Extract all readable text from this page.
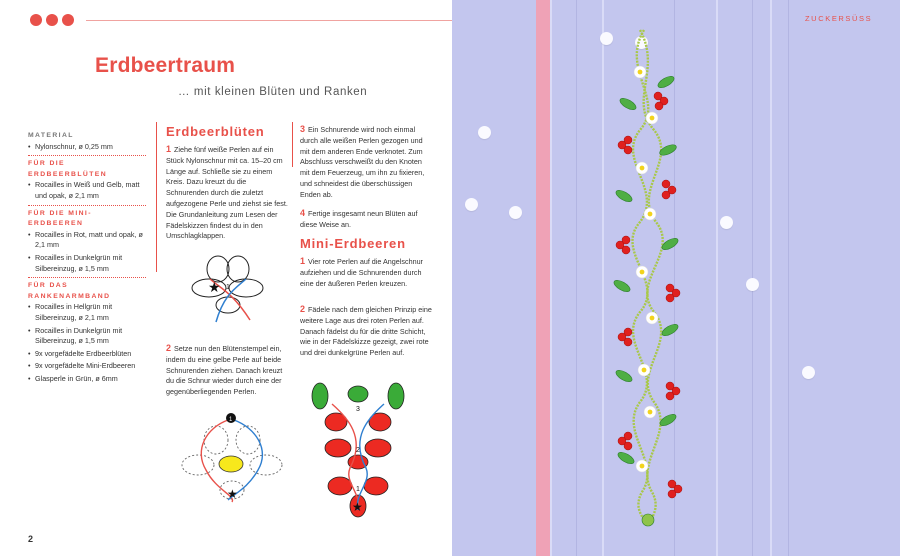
Erdbeertraum
… mit kleinen Blüten und Ranken
MATERIAL
• Nylonschnur, ø 0,25 mm
FÜR DIE ERDBEERBLÜTEN
• Rocailles in Weiß und Gelb, matt und opak, ø 2,1 mm
FÜR DIE MINI-ERDBEEREN
• Rocailles in Rot, matt und opak, ø 2,1 mm
• Rocailles in Dunkelgrün mit Silbereinzug, ø 1,5 mm
FÜR DAS RANKENARMBAND
• Rocailles in Hellgrün mit Silbereinzug, ø 2,1 mm
• Rocailles in Dunkelgrün mit Silbereinzug, ø 1,5 mm
• 9x vorgefädelte Erdbeerblüten
• 9x vorgefädelte Mini-Erdbeeren
• Glasperle in Grün, ø 6mm
Erdbeerblüten
1 Ziehe fünf weiße Perlen auf ein Stück Nylonschnur mit ca. 15–20 cm Länge auf. Schließe sie zu einem Kreis. Dazu kreuzt du die Schnurenden durch die zuletzt aufgezogene Perle und ziehst sie fest. Die Grundanleitung zum Lesen der Fädelskizzen findest du in den Umschlagklappen.
★ 1
2 Setze nun den Blütenstempel ein, indem du eine gelbe Perle auf beide Schnurenden ziehen. Danach kreuzt du die Schnur wieder durch eine der gegenüberliegenden Perlen.
★
1
3 Ein Schnurende wird noch einmal durch alle weißen Perlen gezogen und mit dem anderen Ende verknotet. Zum Abschluss verschweißt du den Knoten mit dem Feuerzeug, um ihn zu fixieren, und schneidest die überschüssigen Enden ab.
4 Fertige insgesamt neun Blüten auf diese Weise an.
Mini-Erdbeeren
1 Vier rote Perlen auf die Angelschnur aufziehen und die Schnurenden durch eine der äußeren Perlen kreuzen.
2 Fädele nach dem gleichen Prinzip eine weitere Lage aus drei roten Perlen auf. Danach fädelst du für die dritte Schicht, wie in der Fädelskizze gezeigt, zwei rote und drei dunkelgrüne Perlen auf.
3
2
1
★
2
ZUCKERSÜSS
